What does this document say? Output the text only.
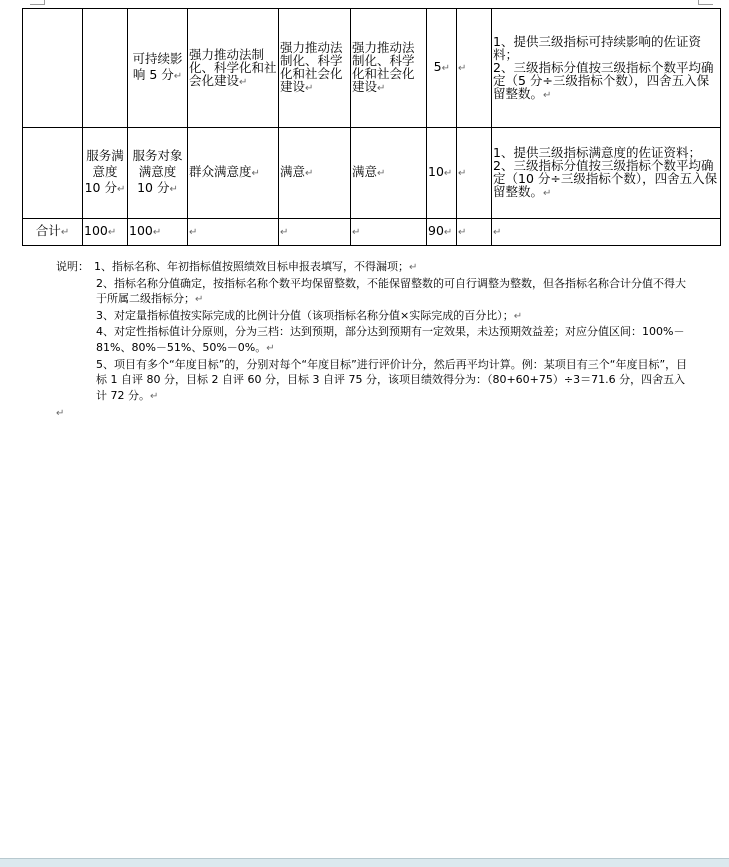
		可持续影响 5 分↵	强力推动法制化、科学化和社会化建设↵	强力推动法制化、科学化和社会化建设↵	强力推动法制化、科学化和社会化建设↵	5↵	↵	1、提供三级指标可持续影响的佐证资料；
2、三级指标分值按三级指标个数平均确定（5 分÷三级指标个数），四舍五入保留整数。↵

	服务满意度 10 分↵	服务对象满意度 10 分↵	群众满意度↵	满意↵	满意↵	10↵	↵	1、提供三级指标满意度的佐证资料；
2、三级指标分值按三级指标个数平均确定（10 分÷三级指标个数），四舍五入保留整数。↵

合计↵	100↵	100↵	↵	↵	↵	90↵	↵	↵
说明： 1、指标名称、年初指标值按照绩效目标申报表填写，不得漏项；↵
2、指标名称分值确定，按指标名称个数平均保留整数，不能保留整数的可自行调整为整数，但各指标名称合计分值不得大于所属二级指标分；↵
3、对定量指标值按实际完成的比例计分值（该项指标名称分值×实际完成的百分比）；↵
4、对定性指标值计分原则，分为三档：达到预期，部分达到预期有一定效果，未达预期效益差；对应分值区间：100%－81%、80%－51%、50%－0%。↵
5、项目有多个“年度目标”的，分别对每个“年度目标”进行评价计分，然后再平均计算。例：某项目有三个“年度目标”，目标 1 自评 80 分，目标 2 自评 60 分，目标 3 自评 75 分，该项目绩效得分为：（80+60+75）÷3＝71.6 分，四舍五入计 72 分。↵
↵
